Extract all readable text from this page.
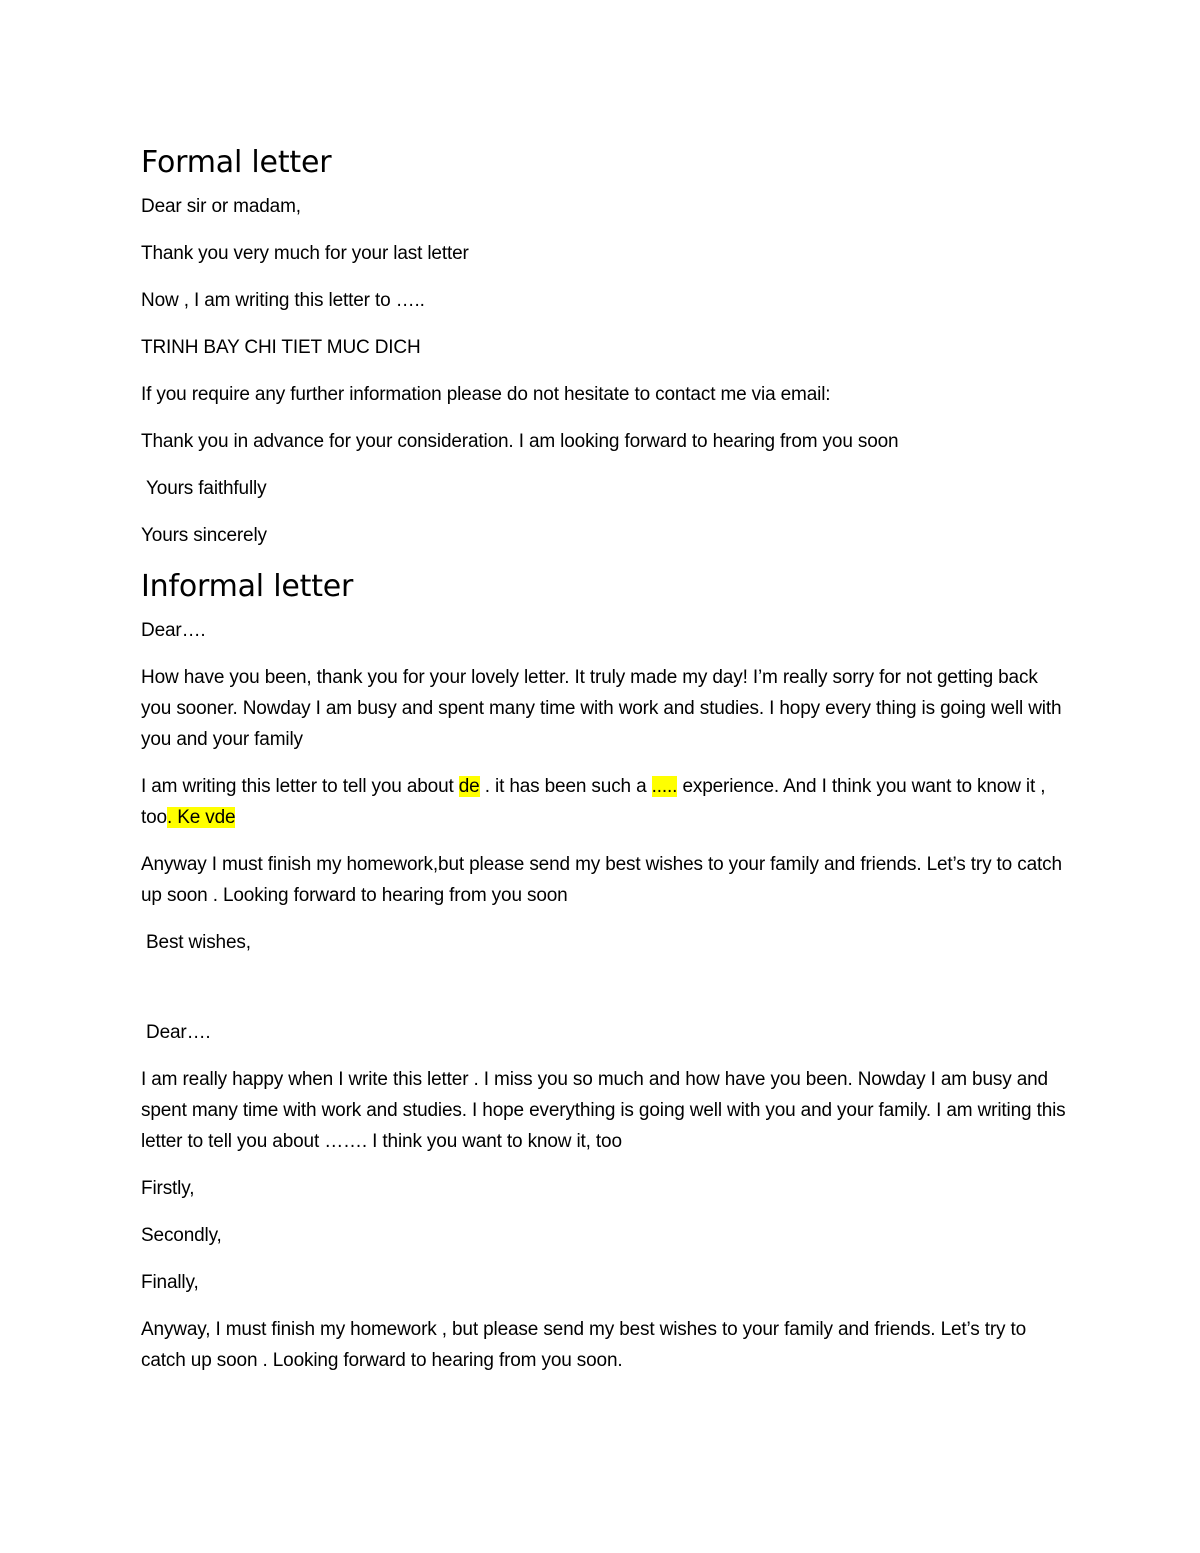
Formal letter

Dear sir or madam,

Thank you very much for your last letter

Now , I am writing this letter to …..

TRINH BAY CHI TIET MUC DICH

If you require any further information please do not hesitate to contact me via email:

Thank you in advance for your consideration. I am looking forward to hearing from you soon

Yours faithfully

Yours sincerely

Informal letter

Dear….

How have you been, thank you for your lovely letter. It truly made my day! I’m really sorry for not getting back you sooner. Nowday I am busy and spent many time with work and studies. I hopy every thing is going well with you and your family

I am writing this letter to tell you about de . it has been such a ..... experience. And I think you want to know it , too. Ke vde

Anyway I must finish my homework,but please send my best wishes to your family and friends. Let’s try to catch up soon . Looking forward to hearing from you soon

Best wishes,

Dear….

I am really happy when I write this letter . I miss you so much and how have you been. Nowday I am busy and spent many time with work and studies. I hope everything is going well with you and your family. I am writing this letter to tell you about ……. I think you want to know it, too

Firstly,

Secondly,

Finally,

Anyway, I must finish my homework , but please send my best wishes to your family and friends. Let’s try to catch up soon . Looking forward to hearing from you soon.
